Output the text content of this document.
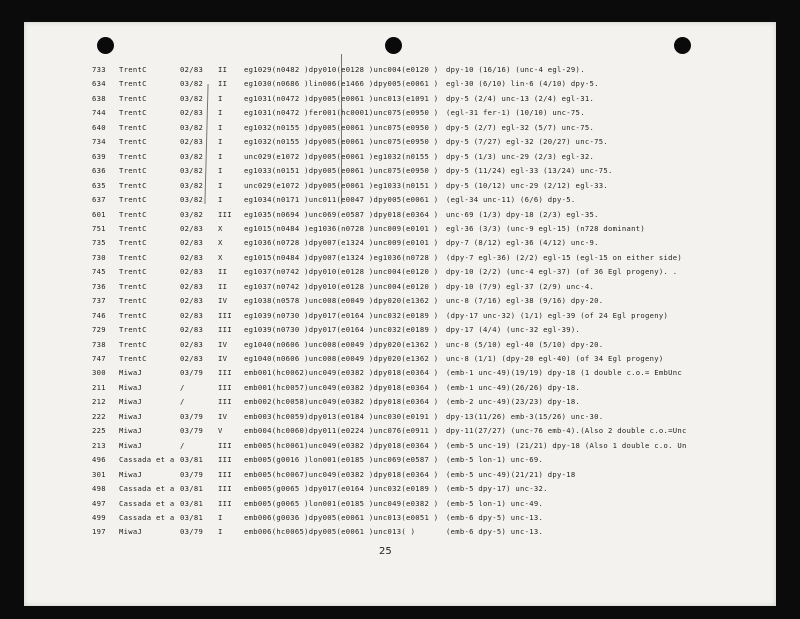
733 TrentC	02/83 II eg1029(n0482 )dpy010(e0128 )unc004(e0120 ) dpy-10 (16/16) (unc-4 egl-29).
634 TrentC	03/82 II eg1030(n0686 )lin006(e1466 )dpy005(e0061 ) egl-30 (6/10) lin-6 (4/10) dpy-5.
638 TrentC	03/82 I	eg1031(n0472 )dpy005(e0061 )unc013(e1091 ) dpy-5 (2/4) unc-13 (2/4) egl-31.
744 TrentC	02/83 I	eg1031(n0472 )fer001(hc0001)unc075(e0950 ) (egl-31 fer-1) (10/10) unc-75.
640 TrentC	03/82 I	eg1032(n0155 )dpy005(e0061 )unc075(e0950 ) dpy-5 (2/7) egl-32 (5/7) unc-75.
734 TrentC	02/83 I	eg1032(n0155 )dpy005(e0061 )unc075(e0950 ) dpy-5 (7/27) egl-32 (20/27) unc-75.
639 TrentC	03/82 I	unc029(e1072 )dpy005(e0061 )eg1032(n0155 ) dpy-5 (1/3) unc-29 (2/3) egl-32.
636 TrentC	03/82 I	eg1033(n0151 )dpy005(e0061 )unc075(e0950 ) dpy-5 (11/24) egl-33 (13/24) unc-75.
635 TrentC	03/82 I	unc029(e1072 )dpy005(e0061 )eg1033(n0151 ) dpy-5 (10/12) unc-29 (2/12) egl-33.
637 TrentC	03/82 I	eg1034(n0171 )unc011(e0047 )dpy005(e0061 ) (egl-34 unc-11) (6/6) dpy-5.
601 TrentC	03/82 III eg1035(n0694 )unc069(e0587 )dpy018(e0364 ) unc-69 (1/3) dpy-18 (2/3) egl-35.
751 TrentC	02/83 X	eg1015(n0484 )eg1036(n0728 )unc009(e0101 ) egl-36 (3/3) (unc-9 egl-15) (n728 dominant)
735 TrentC	02/83 X	eg1036(n0728 )dpy007(e1324 )unc009(e0101 ) dpy-7 (8/12) egl-36 (4/12) unc-9.
730 TrentC	02/83 X	eg1015(n0484 )dpy007(e1324 )eg1036(n0728 ) (dpy-7 egl-36) (2/2) egl-15 (egl-15 on either side)
745 TrentC	02/83 II eg1037(n0742 )dpy010(e0128 )unc004(e0120 ) dpy-10 (2/2) (unc-4 egl-37) (of 36 Egl progeny). .
736 TrentC	02/83 II eg1037(n0742 )dpy010(e0128 )unc004(e0120 ) dpy-10 (7/9) egl-37 (2/9) unc-4.
737 TrentC	02/83 IV eg1038(n0578 )unc008(e0049 )dpy020(e1362 ) unc-8 (7/16) egl-38 (9/16) dpy-20.
746 TrentC	02/83 III eg1039(n0730 )dpy017(e0164 )unc032(e0189 ) (dpy-17 unc-32) (1/1) egl-39 (of 24 Egl progeny)
729 TrentC	02/83 III eg1039(n0730 )dpy017(e0164 )unc032(e0189 ) dpy-17 (4/4) (unc-32 egl-39).
738 TrentC	02/83 IV eg1040(n0606 )unc008(e0049 )dpy020(e1362 ) unc-8 (5/10) egl-40 (5/10) dpy-20.
747 TrentC	02/83 IV eg1040(n0606 )unc008(e0049 )dpy020(e1362 ) unc-8 (1/1) (dpy-20 egl-40) (of 34 Egl progeny)
300 MiwaJ	03/79 III emb001(hc0062)unc049(e0382 )dpy018(e0364 ) (emb-1 unc-49)(19/19) dpy-18 (1 double c.o.= EmbUnc
211 MiwaJ	/	III emb001(hc0057)unc049(e0382 )dpy018(e0364 ) (emb-1 unc-49)(26/26) dpy-18.
212 MiwaJ	/	III emb002(hc0058)unc049(e0382 )dpy018(e0364 ) (emb-2 unc-49)(23/23) dpy-18.
222 MiwaJ	03/79 IV emb003(hc0059)dpy013(e0184 )unc030(e0191 ) dpy-13(11/26) emb-3(15/26) unc-30.
225 MiwaJ	03/79 V	emb004(hc0060)dpy011(e0224 )unc076(e0911 ) dpy-11(27/27) (unc-76 emb-4).(Also 2 double c.o.=Unc
213 MiwaJ	/	III emb005(hc0061)unc049(e0382 )dpy018(e0364 ) (emb-5 unc-19) (21/21) dpy-18 (Also 1 double c.o. Un
496 Cassada et a 03/81 III emb005(g0016 )lon001(e0185 )unc069(e0587 ) (emb-5 lon-1) unc-69.
301 MiwaJ	03/79 III emb005(hc0067)unc049(e0382 )dpy018(e0364 ) (emb-5 unc-49)(21/21) dpy-18
498 Cassada et a 03/81 III emb005(g0065 )dpy017(e0164 )unc032(e0189 ) (emb-5 dpy-17) unc-32.
497 Cassada et a 03/81 III emb005(g0065 )lon001(e0185 )unc049(e0382 ) (emb-5 lon-1) unc-49.
499 Cassada et a 03/81 I	emb006(g0036 )dpy005(e0061 )unc013(e0051 ) (emb-6 dpy-5) unc-13.
197 MiwaJ	03/79 I	emb006(hc0065)dpy005(e0061 )unc013( )	(emb-6 dpy-5) unc-13.
25
